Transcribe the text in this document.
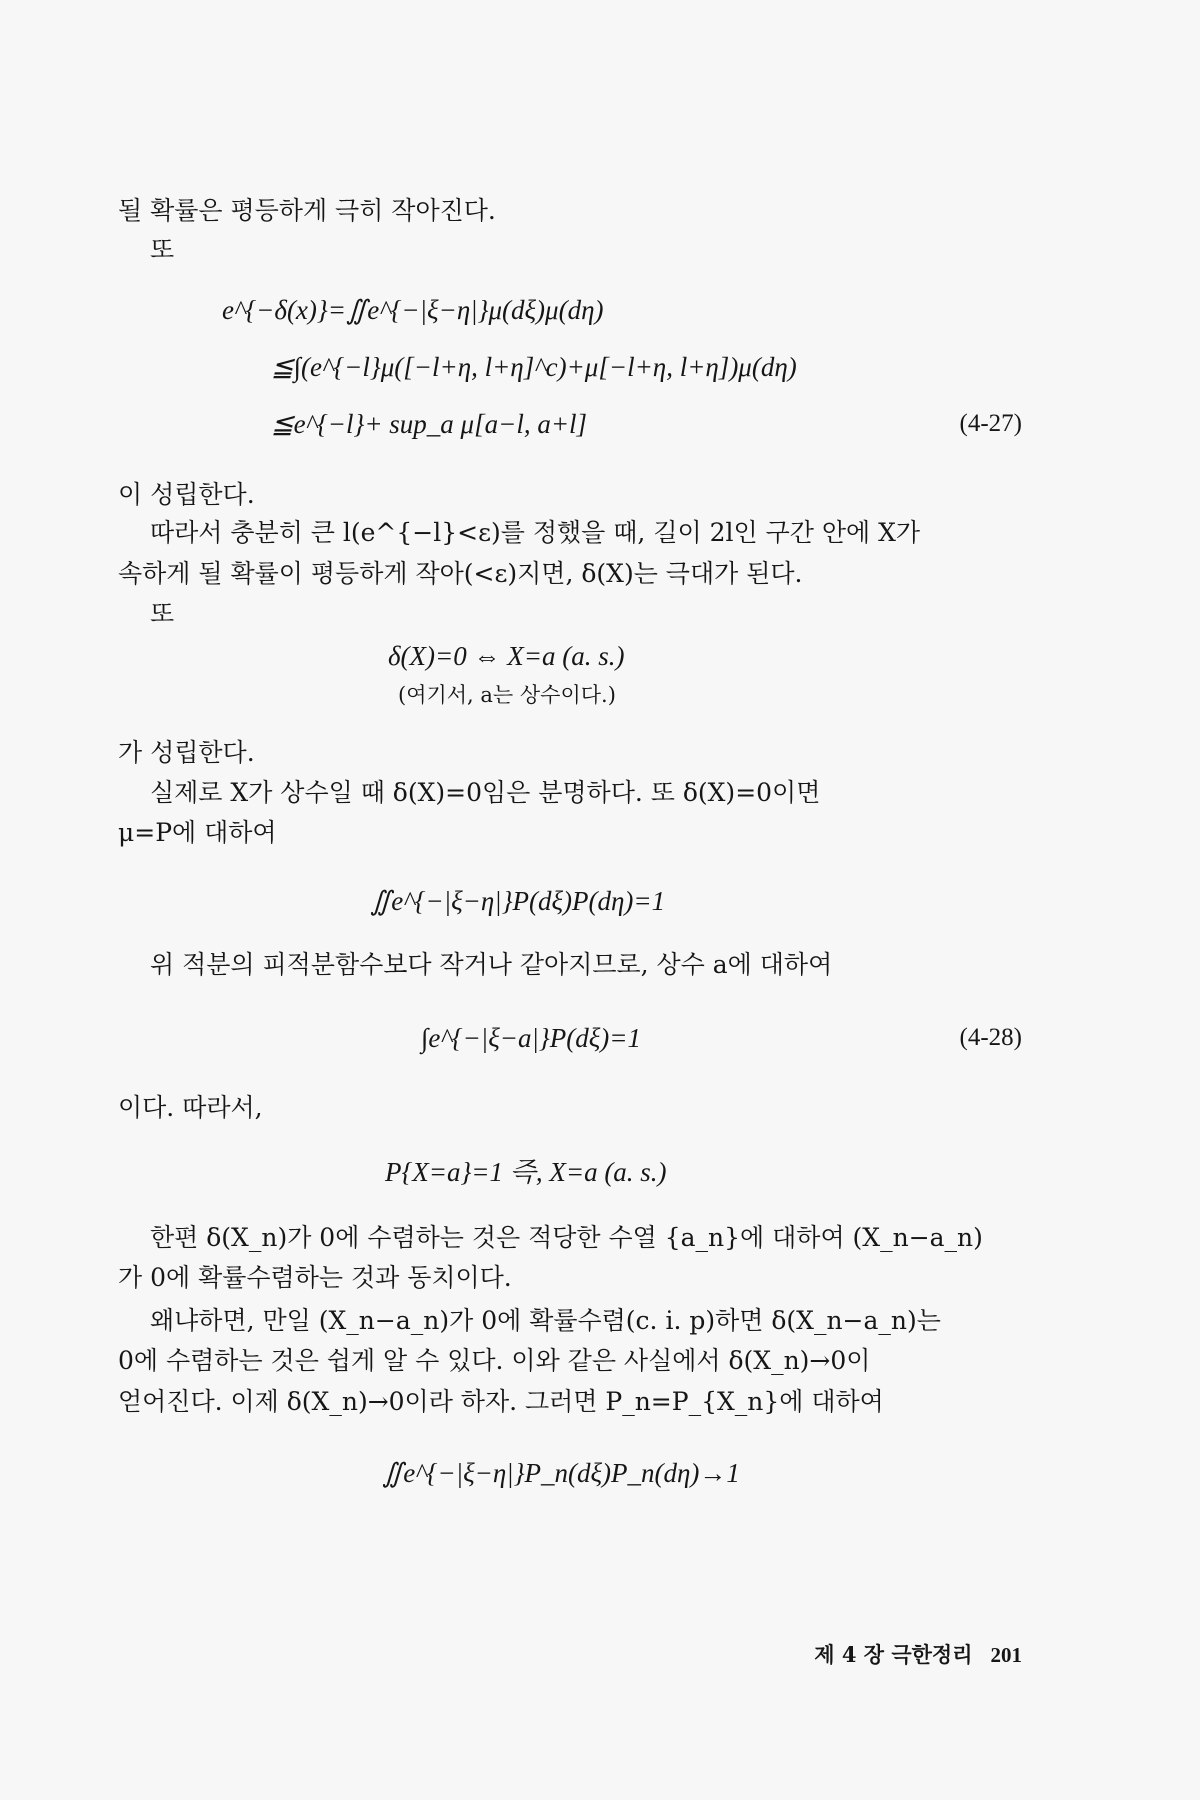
될 확률은 평등하게 극히 작아진다.
또
e^{−δ(x)}=∬e^{−|ξ−η|}μ(dξ)μ(dη)
≦∫(e^{−l}μ([−l+η, l+η]^c)+μ[−l+η, l+η])μ(dη)
≦e^{−l}+ sup_a μ[a−l, a+l]	(4-27)
이 성립한다.
따라서 충분히 큰 l(e^{−l}<ε)를 정했을 때, 길이 2l인 구간 안에 X가
속하게 될 확률이 평등하게 작아(<ε)지면, δ(X)는 극대가 된다.
또
δ(X)=0 ⇔ X=a (a. s.)
(여기서, a는 상수이다.)
가 성립한다.
실제로 X가 상수일 때 δ(X)=0임은 분명하다. 또 δ(X)=0이면
μ=P에 대하여
∬e^{−|ξ−η|}P(dξ)P(dη)=1
위 적분의 피적분함수보다 작거나 같아지므로, 상수 a에 대하여
∫e^{−|ξ−a|}P(dξ)=1	(4-28)
이다. 따라서,
P{X=a}=1 즉, X=a (a. s.)
한편 δ(X_n)가 0에 수렴하는 것은 적당한 수열 {a_n}에 대하여 (X_n−a_n)
가 0에 확률수렴하는 것과 동치이다.
왜냐하면, 만일 (X_n−a_n)가 0에 확률수렴(c. i. p)하면 δ(X_n−a_n)는
0에 수렴하는 것은 쉽게 알 수 있다. 이와 같은 사실에서 δ(X_n)→0이
얻어진다. 이제 δ(X_n)→0이라 하자. 그러면 P_n=P_{X_n}에 대하여
∬e^{−|ξ−η|}P_n(dξ)P_n(dη)→1
제 4 장 극한정리 201
